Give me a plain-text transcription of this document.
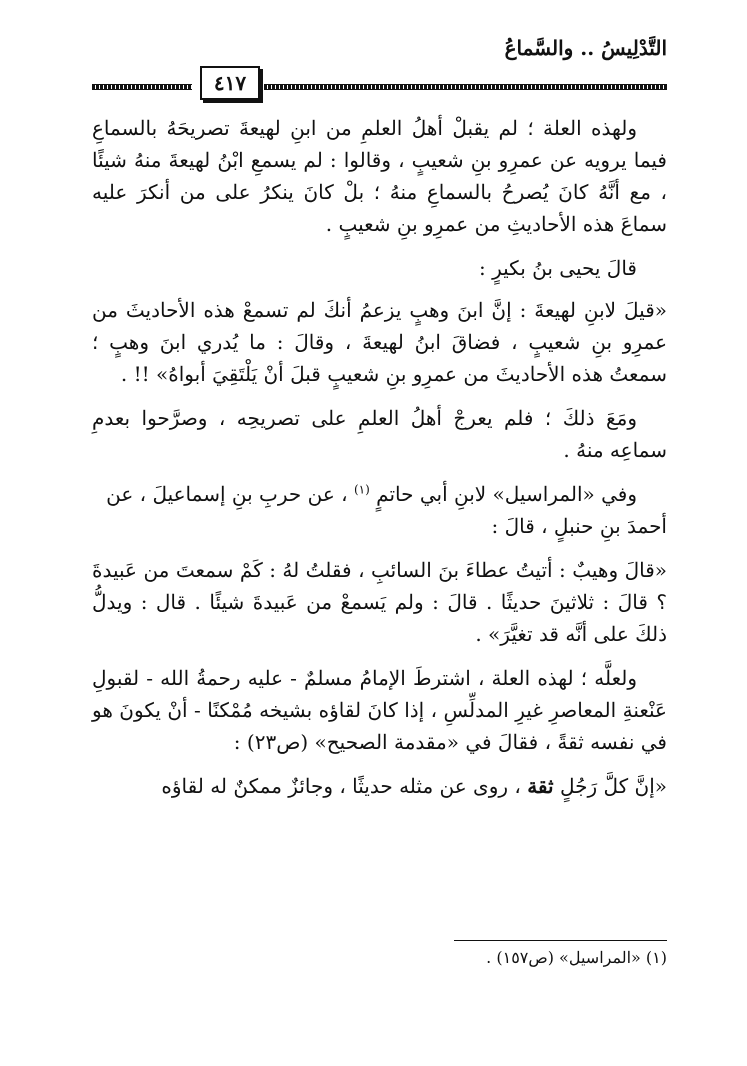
التَّدْلِيسُ .. والسَّماعُ
٤١٧

ولهذه العلة ؛ لم يقبلْ أهلُ العلمِ من ابنِ لهيعةَ تصريحَهُ بالسماعِ فيما يرويه عن عمرِو بنِ شعيبٍ ، وقالوا : لم يسمعِ ابْنُ لهيعةَ منهُ شيئًا ، مع أنَّهُ كانَ يُصرحُ بالسماعِ منهُ ؛ بلْ كانَ ينكرُ على من أنكرَ عليه سماعَ هذه الأحاديثِ من عمرِو بنِ شعيبٍ .

قالَ يحيى بنُ بكيرٍ :

«قيلَ لابنِ لهيعةَ : إنَّ ابنَ وهبٍ يزعمُ أنكَ لم تسمعْ هذه الأحاديثَ من عمرِو بنِ شعيبٍ ، فضاقَ ابنُ لهيعةَ ، وقالَ : ما يُدري ابنَ وهبٍ ؛ سمعتُ هذه الأحاديثَ من عمرِو بنِ شعيبٍ قبلَ أنْ يَلْتَقِيَ أبواهُ» !! .

ومَعَ ذلكَ ؛ فلم يعرجْ أهلُ العلمِ على تصريحِه ، وصرَّحوا بعدمِ سماعِه منهُ .

وفي «المراسيل» لابنِ أبي حاتمٍ $^{(١)}$ ، عن حربِ بنِ إسماعيلَ ، عن

أحمدَ بنِ حنبلٍ ، قالَ :

«قالَ وهيبٌ : أتيتُ عطاءَ بنَ السائبِ ، فقلتُ لهُ : كَمْ سمعتَ من عَبيدةَ ؟ قالَ : ثلاثينَ حديثًا . قالَ : ولم يَسمعْ من عَبيدةَ شيئًا . قال : ويدلُّ ذلكَ على أنَّه قد تغيَّرَ» .

ولعلَّه ؛ لهذه العلة ، اشترطَ الإمامُ مسلمٌ - عليه رحمةُ الله - لقبولِ عَنْعنةِ المعاصرِ غيرِ المدلِّسِ ، إذا كانَ لقاؤه بشيخه مُمْكنًا - أنْ يكونَ هو في نفسه ثقةً ، فقالَ في «مقدمة الصحيح» (ص٢٣) :

«إنَّ كلَّ رَجُلٍ ثقة ، روى عن مثله حديثًا ، وجائزٌ ممكنٌ له لقاؤه

(١) «المراسيل» (ص١٥٧) .
